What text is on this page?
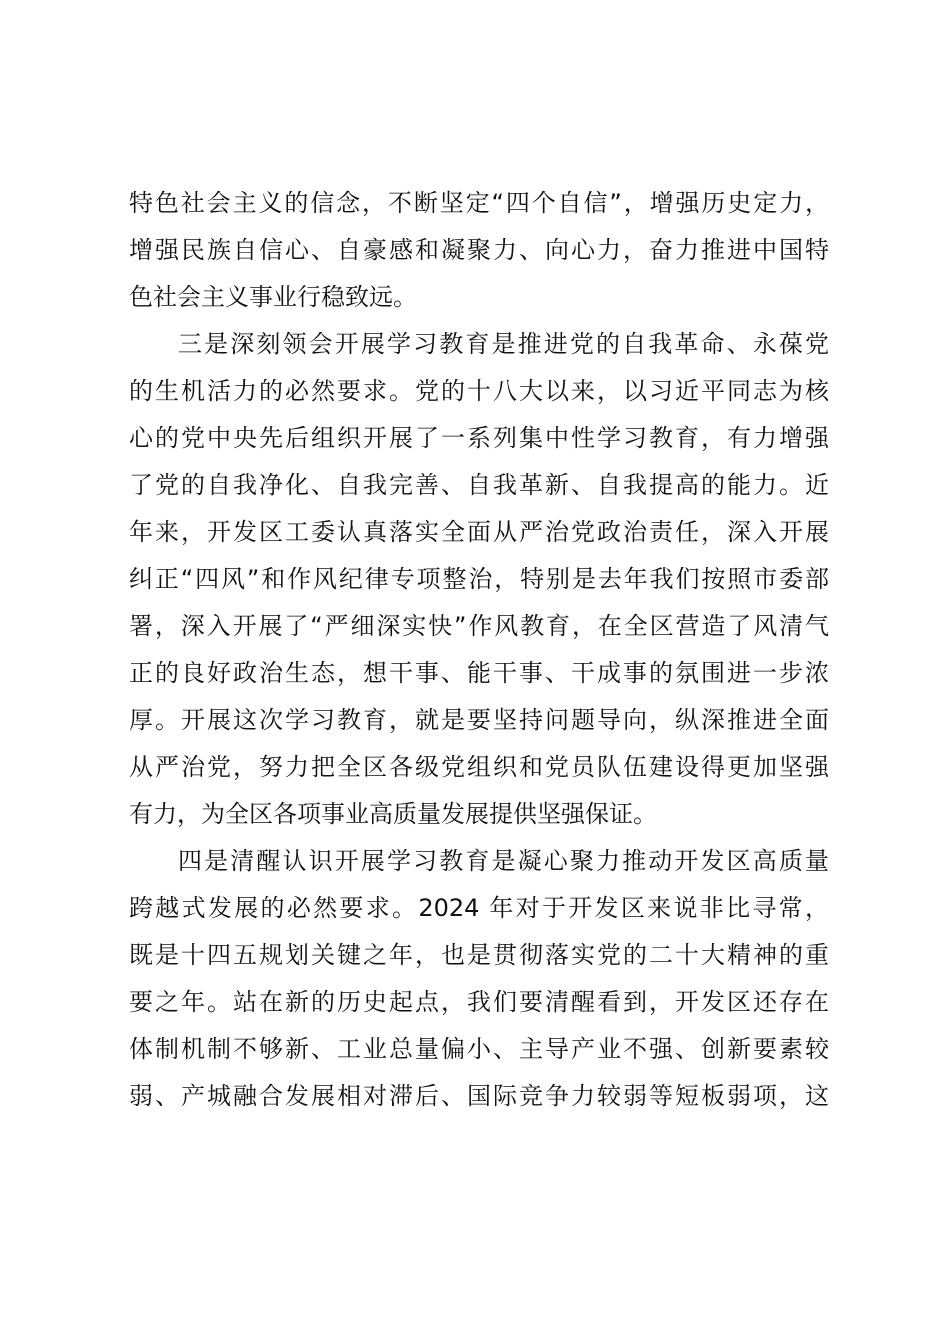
特色社会主义的信念，不断坚定“四个自信”，增强历史定力，
增强民族自信心、自豪感和凝聚力、向心力，奋力推进中国特
色社会主义事业行稳致远。
三是深刻领会开展学习教育是推进党的自我革命、永葆党
的生机活力的必然要求。党的十八大以来，以习近平同志为核
心的党中央先后组织开展了一系列集中性学习教育，有力增强
了党的自我净化、自我完善、自我革新、自我提高的能力。近
年来，开发区工委认真落实全面从严治党政治责任，深入开展
纠正“四风”和作风纪律专项整治，特别是去年我们按照市委部
署，深入开展了“严细深实快”作风教育，在全区营造了风清气
正的良好政治生态，想干事、能干事、干成事的氛围进一步浓
厚。开展这次学习教育，就是要坚持问题导向，纵深推进全面
从严治党，努力把全区各级党组织和党员队伍建设得更加坚强
有力，为全区各项事业高质量发展提供坚强保证。
四是清醒认识开展学习教育是凝心聚力推动开发区高质量
跨越式发展的必然要求。2024 年对于开发区来说非比寻常，
既是十四五规划关键之年，也是贯彻落实党的二十大精神的重
要之年。站在新的历史起点，我们要清醒看到，开发区还存在
体制机制不够新、工业总量偏小、主导产业不强、创新要素较
弱、产城融合发展相对滞后、国际竞争力较弱等短板弱项，这
